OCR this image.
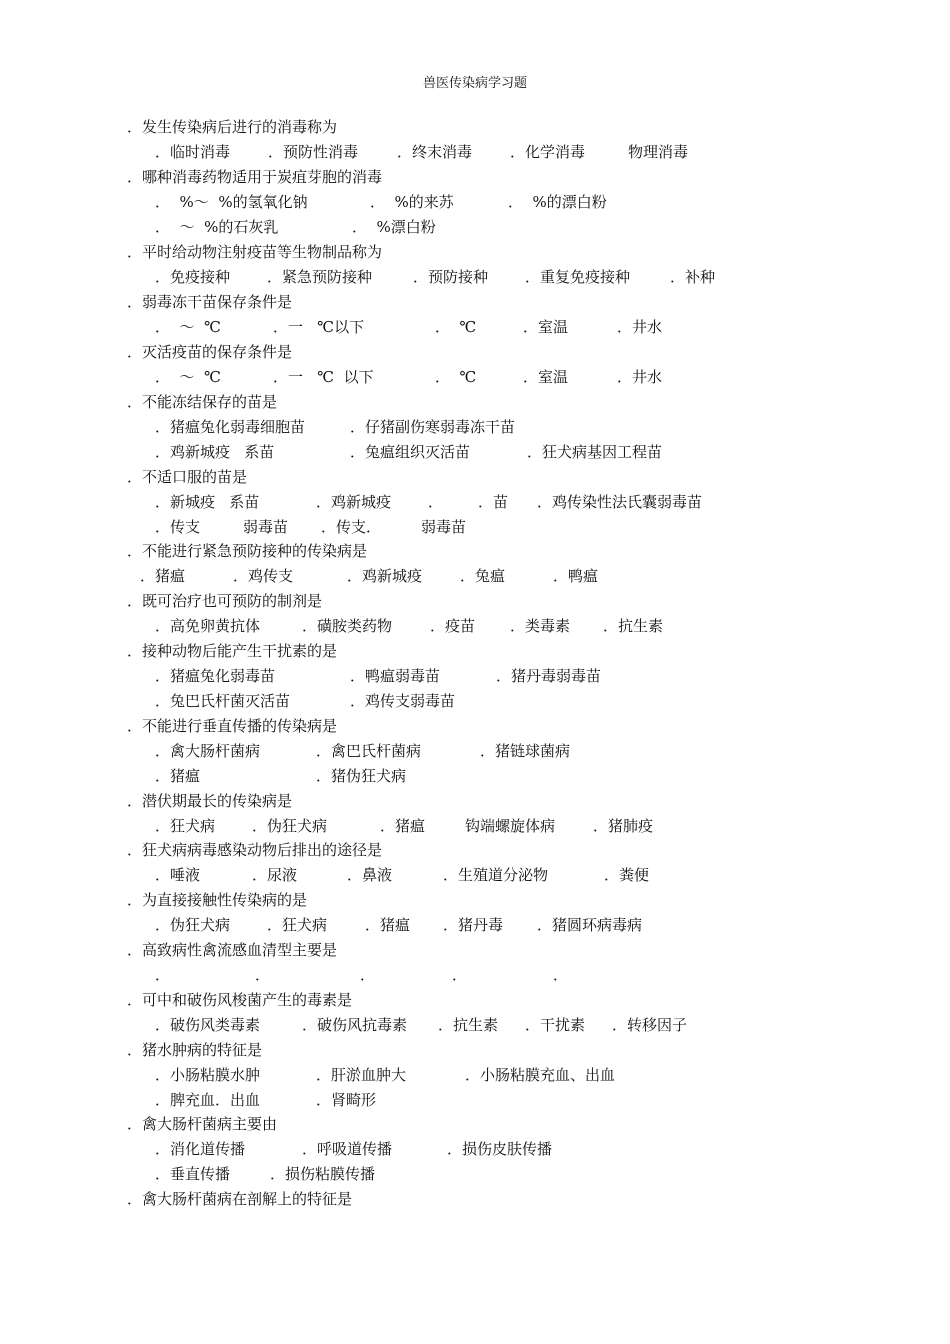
兽医传染病学习题
．发生传染病后进行的消毒称为
．临时消毒	．预防性消毒	．终末消毒	．化学消毒	物理消毒
．哪种消毒药物适用于炭疽芽胞的消毒
．  %～  %的氢氧化钠	．  %的来苏	．  %的漂白粉
．  ～  %的石灰乳	．  %漂白粉
．平时给动物注射疫苗等生物制品称为
．免疫接种 ．紧急预防接种	．预防接种 ．重复免疫接种	．补种
．弱毒冻干苗保存条件是
．  ～  ℃	．一   ℃以下	．  ℃	．室温	．井水
．灭活疫苗的保存条件是
．  ～  ℃	．一   ℃  以下	．  ℃	．室温	．井水
．不能冻结保存的苗是
．猪瘟兔化弱毒细胞苗	．仔猪副伤寒弱毒冻干苗
．鸡新城疫   系苗	．兔瘟组织灭活苗	．狂犬病基因工程苗
．不适口服的苗是
．新城疫   系苗	．鸡新城疫 ． ．苗 ．鸡传染性法氏囊弱毒苗
．传支	弱毒苗 ．传支．	弱毒苗
．不能进行紧急预防接种的传染病是
．猪瘟	．鸡传支	．鸡新城疫	．兔瘟	．鸭瘟
．既可治疗也可预防的制剂是
．高免卵黄抗体	．磺胺类药物	．疫苗 ．类毒素 ．抗生素
．接种动物后能产生干扰素的是
．猪瘟兔化弱毒苗	．鸭瘟弱毒苗	．猪丹毒弱毒苗
．兔巴氏杆菌灭活苗	．鸡传支弱毒苗
．不能进行垂直传播的传染病是
．禽大肠杆菌病	．禽巴氏杆菌病	．猪链球菌病
．猪瘟	．猪伪狂犬病
．潜伏期最长的传染病是
．狂犬病 ．伪狂犬病	．猪瘟	钩端螺旋体病	．猪肺疫
．狂犬病病毒感染动物后排出的途径是
．唾液	．尿液	．鼻液	．生殖道分泌物	．粪便
．为直接接触性传染病的是
．伪狂犬病 ．狂犬病	．猪瘟 ．猪丹毒 ．猪圆环病毒病
．高致病性禽流感血清型主要是
．	．	．	．	．
．可中和破伤风梭菌产生的毒素是
．破伤风类毒素	．破伤风抗毒素 ．抗生素 ．干扰素 ．转移因子
．猪水肿病的特征是
．小肠粘膜水肿	．肝淤血肿大	．小肠粘膜充血、出血
．脾充血．出血	．肾畸形
．禽大肠杆菌病主要由
．消化道传播	．呼吸道传播	．损伤皮肤传播
．垂直传播	．损伤粘膜传播
．禽大肠杆菌病在剖解上的特征是
